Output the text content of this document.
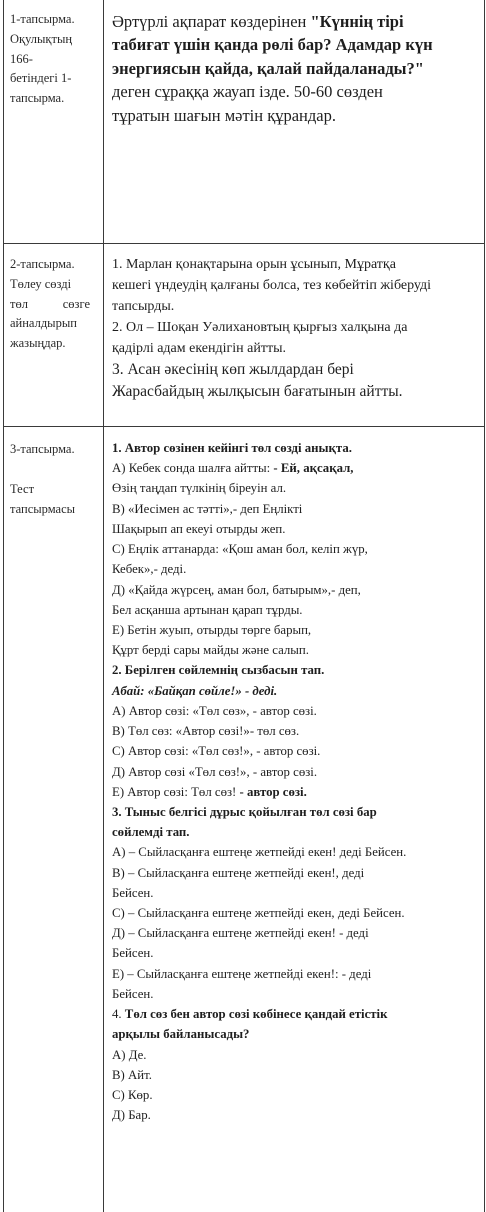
1-тапсырма.
Оқулықтың
166-
бетіндегі 1-
тапсырма.
Әртүрлі ақпарат көздерінен "Күннің тірі
табиғат үшін қанда рөлі бар? Адамдар күн
энергиясын қайда, қалай пайдаланады?"
деген сұраққа жауап ізде. 50-60 сөзден
тұратын шағын мәтін құрандар.
2-тапсырма.
Төлеу сөзді
төл	сөзге
айналдырып
жазыңдар.
1. Марлан қонақтарына орын ұсынып, Мұратқа
кешегі үндеудің қалғаны болса, тез көбейтіп жіберуді
тапсырды.
2. Ол – Шоқан Уәлихановтың қырғыз халқына да
қадірлі адам екендігін айтты.
3. Асан әкесінің көп жылдардан бері
Жарасбайдың жылқысын бағатынын айтты.
3-тапсырма.
Тест
тапсырмасы
1. Автор сөзінен кейінгі төл сөзді анықта.
А) Кебек сонда шалға айтты: - Ей, ақсақал,
Өзің таңдап түлкінің біреуін ал.
В) «Иесімен ас тәтті»,- деп Еңлікті
Шақырып ап екеуі отырды жеп.
С) Еңлік аттанарда: «Қош аман бол, келіп жүр,
Кебек»,- деді.
Д) «Қайда жүрсең, аман бол, батырым»,- деп,
Бел асқанша артынан қарап тұрды.
Е) Бетін жуып, отырды төрге барып,
Құрт берді сары майды және салып.
2. Берілген сөйлемнің сызбасын тап.
Абай: «Байқап сөйле!» - деді.
А) Автор сөзі: «Төл сөз», - автор сөзі.
В) Төл сөз: «Автор сөзі!»- төл сөз.
С) Автор сөзі: «Төл сөз!», - автор сөзі.
Д) Автор сөзі «Төл сөз!», - автор сөзі.
Е) Автор сөзі: Төл сөз! - автор сөзі.
3. Тыныс белгісі дұрыс қойылған төл сөзі бар
сөйлемді тап.
А) – Сыйласқанға ештеңе жетпейді екен! деді Бейсен.
В) – Сыйласқанға ештеңе жетпейді екен!, деді
Бейсен.
С) – Сыйласқанға ештеңе жетпейді екен, деді Бейсен.
Д) – Сыйласқанға ештеңе жетпейді екен! - деді
Бейсен.
Е) – Сыйласқанға ештеңе жетпейді екен!: - деді
Бейсен.
4. Төл сөз бен автор сөзі көбінесе қандай етістік
арқылы байланысады?
А) Де.
В) Айт.
С) Көр.
Д) Бар.
